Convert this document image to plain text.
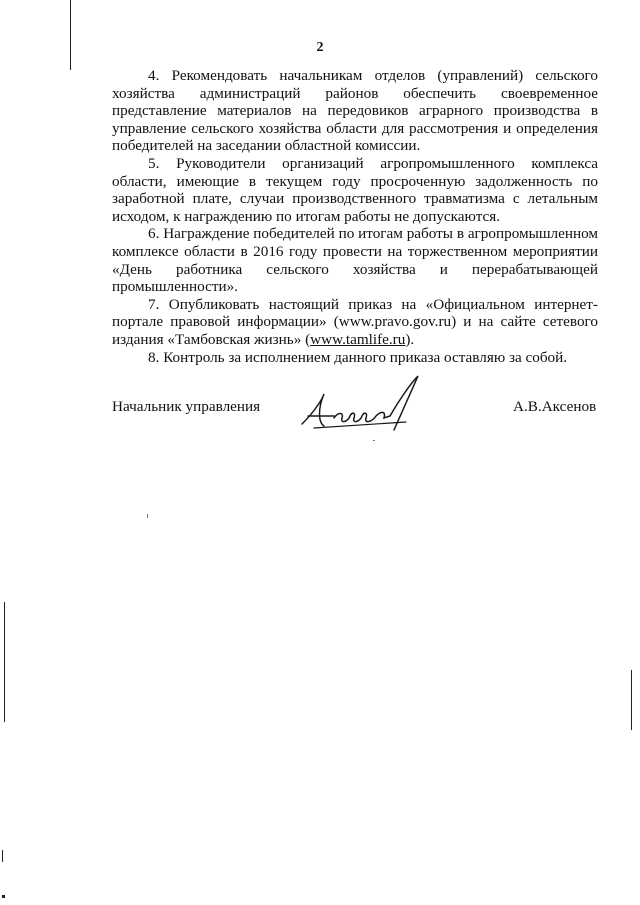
2

4. Рекомендовать начальникам отделов (управлений) сельского хозяйства администраций районов обеспечить своевременное представление материалов на передовиков аграрного производства в управление сельского хозяйства области для рассмотрения и определения победителей на заседании областной комиссии.

5. Руководители организаций агропромышленного комплекса области, имеющие в текущем году просроченную задолженность по заработной плате, случаи производственного травматизма с летальным исходом, к награждению по итогам работы не допускаются.

6. Награждение победителей по итогам работы в агропромышленном комплексе области в 2016 году провести на торжественном мероприятии «День работника сельского хозяйства и перерабатывающей промышленности».

7. Опубликовать настоящий приказ на «Официальном интернет-портале правовой информации» (www.pravo.gov.ru) и на сайте сетевого издания «Тамбовская жизнь» (www.tamlife.ru).

8. Контроль за исполнением данного приказа оставляю за собой.

Начальник управления	А.В.Аксенов
